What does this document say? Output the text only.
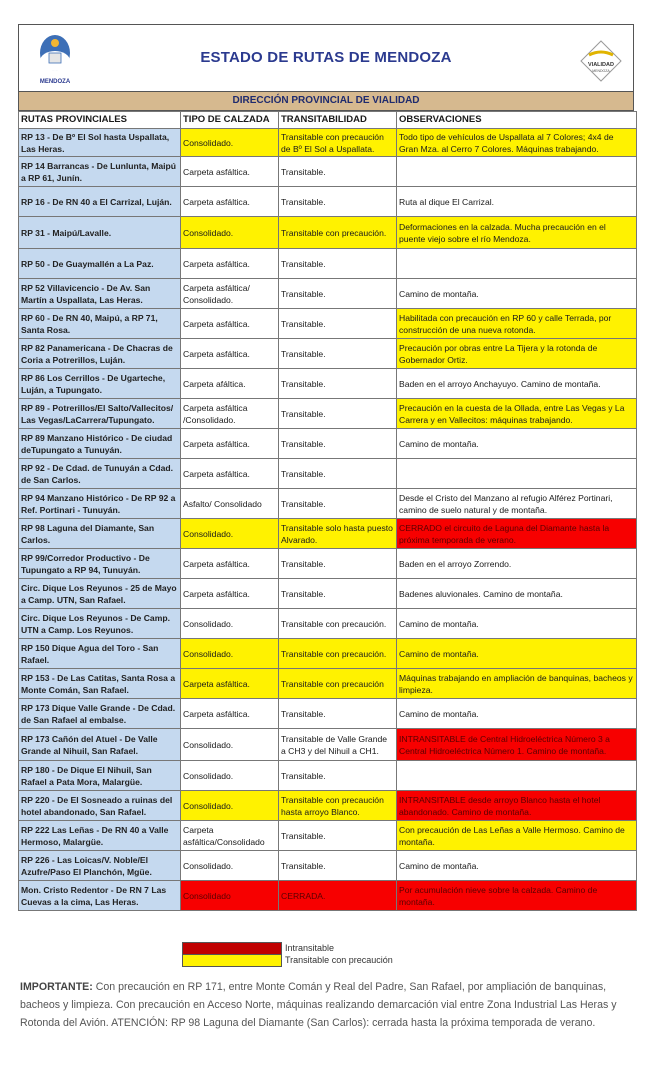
MENDOZA
ESTADO DE RUTAS DE MENDOZA	VIALIDAD
MENDOZA
DIRECCIÓN PROVINCIAL DE VIALIDAD
RUTAS PROVINCIALES	TIPO DE CALZADA	TRANSITABILIDAD	OBSERVACIONES
RP 13 - De Bº El Sol hasta Uspallata, Las Heras.	Consolidado.	Transitable con precaución de Bº El Sol a Uspallata.	Todo tipo de vehículos de Uspallata al 7 Colores; 4x4 de Gran Mza. al Cerro 7 Colores. Máquinas trabajando.
RP 14 Barrancas - De Lunlunta, Maipú a RP 61, Junín.	Carpeta asfáltica.	Transitable.	
RP 16 - De RN 40 a El Carrizal, Luján.	Carpeta asfáltica.	Transitable.	Ruta al dique El Carrizal.
RP 31 - Maipú/Lavalle.	Consolidado.	Transitable con precaución.	Deformaciones en la calzada. Mucha precaución en el puente viejo sobre el río Mendoza.
RP 50 - De Guaymallén a La Paz.	Carpeta asfáltica.	Transitable.	
RP 52 Villavicencio - De Av. San Martín a Uspallata, Las Heras.	Carpeta asfáltica/ Consolidado.	Transitable.	Camino de montaña.
RP 60 - De RN 40, Maipú, a RP 71, Santa Rosa.	Carpeta asfáltica.	Transitable.	Habilitada con precaución en RP 60 y calle Terrada, por construcción de una nueva rotonda.
RP 82 Panamericana - De Chacras de Coria a Potrerillos, Luján.	Carpeta asfáltica.	Transitable.	Precaución por obras entre La Tijera y la rotonda de Gobernador Ortiz.
RP 86 Los Cerrillos - De Ugarteche, Luján, a Tupungato.	Carpeta afáltica.	Transitable.	Baden en el arroyo Anchayuyo. Camino de montaña.
RP 89 - Potrerillos/El Salto/Vallecitos/ Las Vegas/LaCarrera/Tupungato.	Carpeta asfáltica /Consolidado.	Transitable.	Precaución en la cuesta de la Ollada, entre Las Vegas y La Carrera y en Vallecitos: máquinas trabajando.
RP 89 Manzano Histórico - De ciudad deTupungato a Tunuyán.	Carpeta asfáltica.	Transitable.	Camino de montaña.
RP 92 - De Cdad. de Tunuyán a Cdad. de San Carlos.	Carpeta asfáltica.	Transitable.	
RP 94 Manzano Histórico - De RP 92 a Ref. Portinari - Tunuyán.	Asfalto/ Consolidado	Transitable.	Desde el Cristo del Manzano al refugio Alférez Portinari, camino de suelo natural y de montaña.
RP 98 Laguna del Diamante, San Carlos.	Consolidado.	Transitable solo hasta puesto Alvarado.	CERRADO el circuito de Laguna del Diamante hasta la próxima temporada de verano.
RP 99/Corredor Productivo - De Tupungato a RP 94, Tunuyán.	Carpeta asfáltica.	Transitable.	Baden en el arroyo Zorrendo.
Circ. Dique Los Reyunos - 25 de Mayo a Camp. UTN, San Rafael.	Carpeta asfáltica.	Transitable.	Badenes aluvionales. Camino de montaña.
Circ. Dique Los Reyunos - De Camp. UTN a Camp. Los Reyunos.	Consolidado.	Transitable con precaución.	Camino de montaña.
RP 150 Dique Agua del Toro - San Rafael.	Consolidado.	Transitable con precaución.	Camino de montaña.
RP 153 - De Las Catitas, Santa Rosa a Monte Comán, San Rafael.	Carpeta asfáltica.	Transitable con precaución	Máquinas trabajando en ampliación de banquinas, bacheos y limpieza.
RP 173 Dique Valle Grande - De Cdad. de San Rafael al embalse.	Carpeta asfáltica.	Transitable.	Camino de montaña.
RP 173 Cañón del Atuel - De Valle Grande al Nihuil, San Rafael.	Consolidado.	Transitable de Valle Grande a CH3 y del Nihuil a CH1.	INTRANSITABLE de Central Hidroeléctrica Número 3 a Central Hidroeléctrica Número 1. Camino de montaña.
RP 180 - De Dique El Nihuil, San Rafael a Pata Mora, Malargüe.	Consolidado.	Transitable.	
RP 220 - De El Sosneado a ruinas del hotel abandonado, San Rafael.	Consolidado.	Transitable con precaución hasta arroyo Blanco.	INTRANSITABLE desde arroyo Blanco hasta el hotel abandonado. Camino de montaña.
RP 222 Las Leñas - De RN 40 a Valle Hermoso, Malargüe.	Carpeta asfáltica/Consolidado	Transitable.	Con precaución de Las Leñas a Valle Hermoso. Camino de montaña.
RP 226 - Las Loicas/V. Noble/El Azufre/Paso El Planchón, Mgüe.	Consolidado.	Transitable.	Camino de montaña.
Mon. Cristo Redentor - De RN 7 Las Cuevas a la cima, Las Heras.	Consolidado	CERRADA.	Por acumulación nieve sobre la calzada. Camino de montaña.
Intransitable
Transitable con precaución
IMPORTANTE: Con precaución en RP 171, entre Monte Comán y Real del Padre, San Rafael, por ampliación de banquinas, bacheos y limpieza. Con precaución en Acceso Norte, máquinas realizando demarcación vial entre Zona Industrial Las Heras y Rotonda del Avión. ATENCIÓN: RP 98 Laguna del Diamante (San Carlos): cerrada hasta la próxima temporada de verano.
